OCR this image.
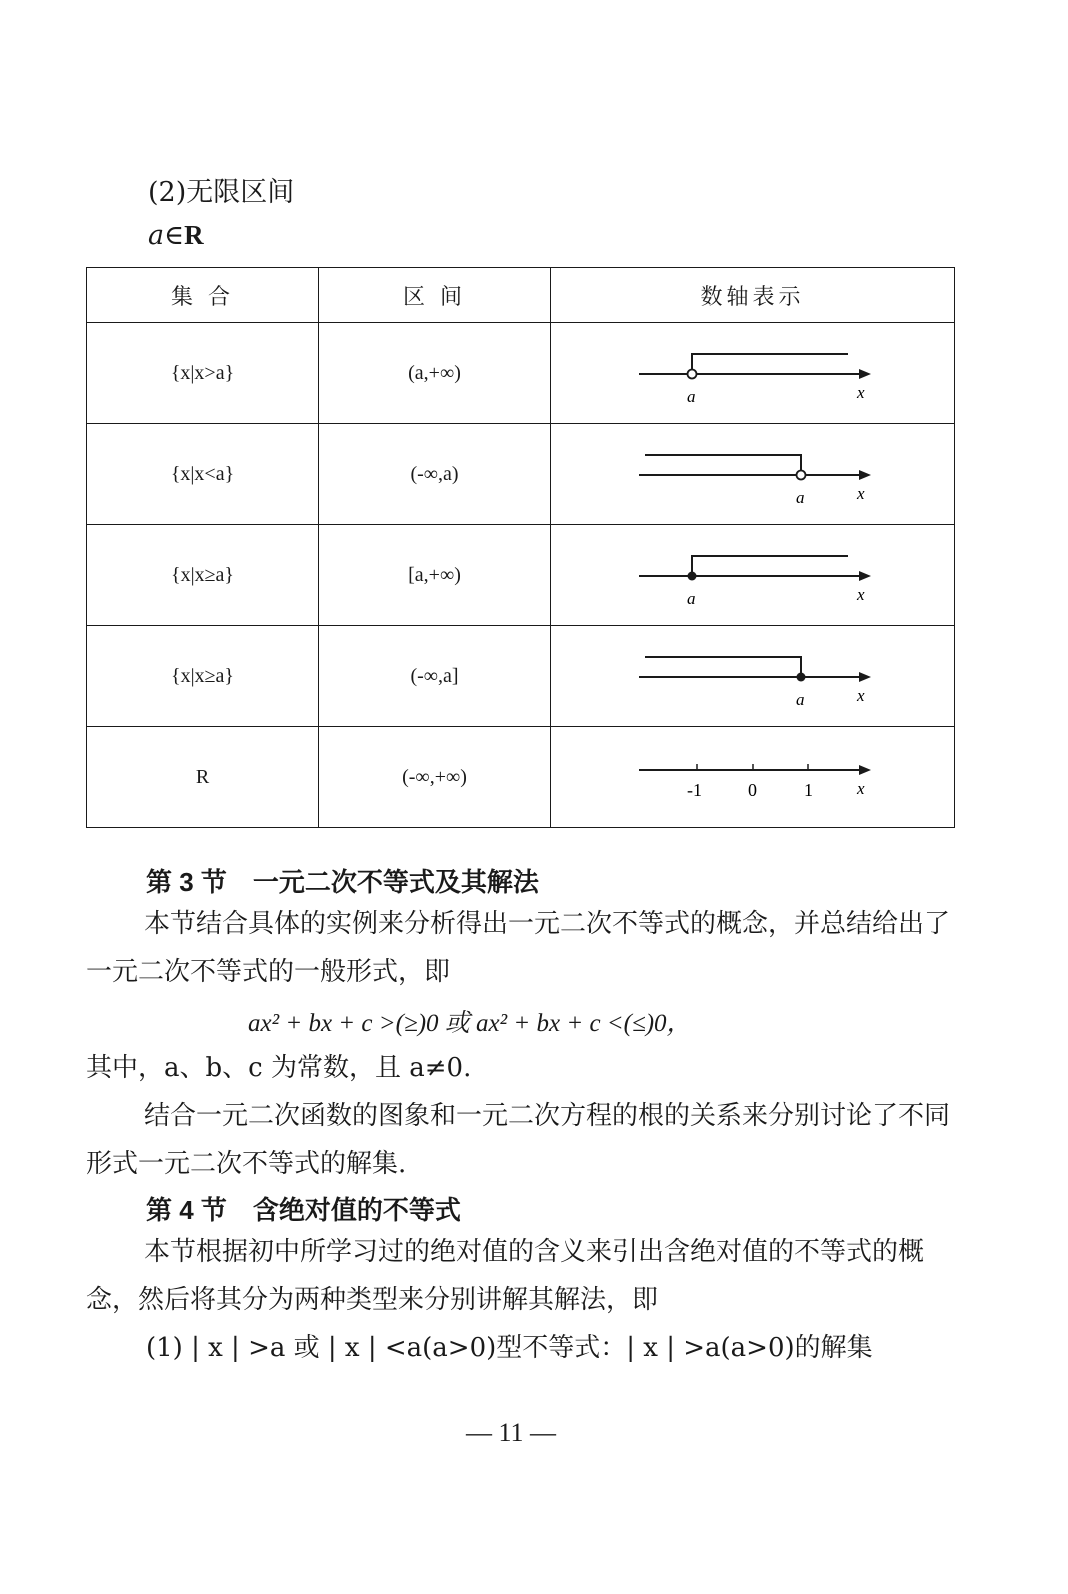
(2)无限区间
a∈R
集 合	区 间	数轴表示
{x|x>a}	(a,+∞)	a x

{x|x<a}	(-∞,a)	a x

{x|x≥a}	[a,+∞)	a x

{x|x≥a}	(-∞,a]	a x

R	(-∞,+∞)	-1 0 1 x
第 3 节　一元二次不等式及其解法
本节结合具体的实例来分析得出一元二次不等式的概念，并总结给出了一元二次不等式的一般形式，即
ax² + bx + c >(≥)0 或 ax² + bx + c <(≤)0，
其中，a、b、c 为常数，且 a≠0.
结合一元二次函数的图象和一元二次方程的根的关系来分别讨论了不同形式一元二次不等式的解集.
第 4 节　含绝对值的不等式
本节根据初中所学习过的绝对值的含义来引出含绝对值的不等式的概念，然后将其分为两种类型来分别讲解其解法，即
(1) | x | >a 或 | x | <a(a>0)型不等式：| x | >a(a>0)的解集
— 11 —
